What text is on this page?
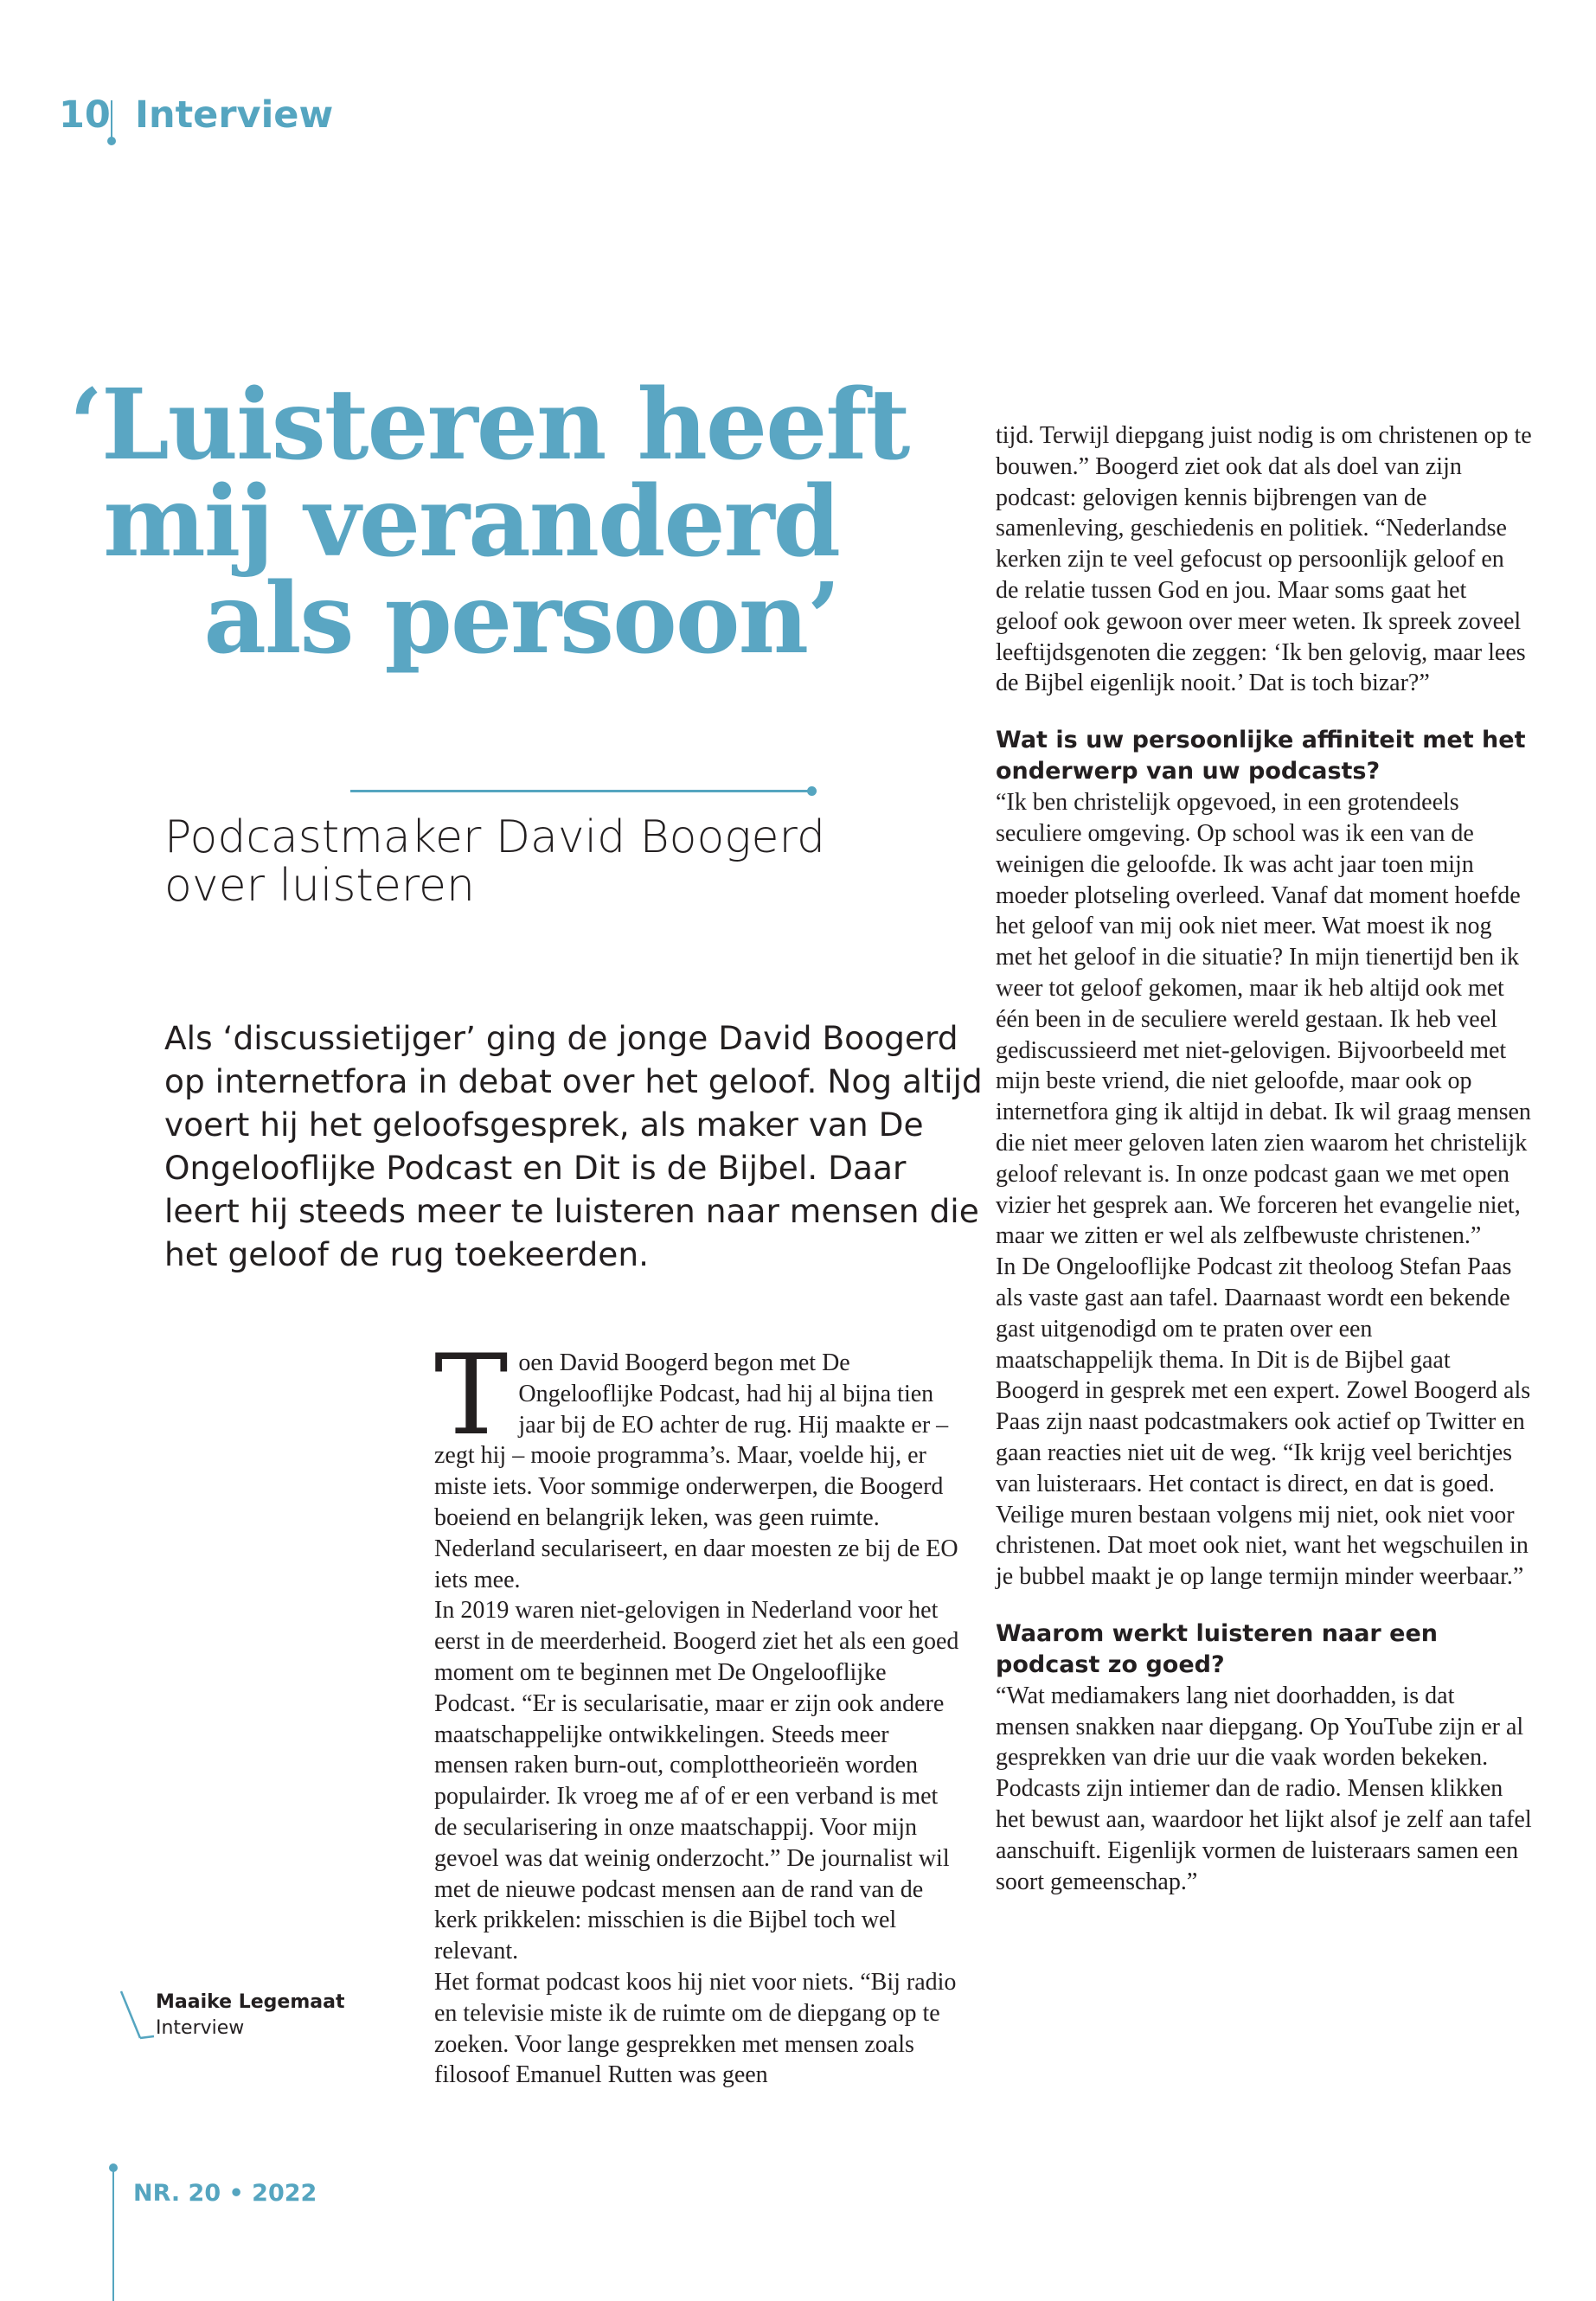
10 Interview
‘Luisteren heeft
mij veranderd
als persoon’
Podcastmaker David Boogerd
over luisteren
Als ‘discussietijger’ ging de jonge David Boogerd op internetfora in debat over het geloof. Nog altijd voert hij het geloofsgesprek, als maker van De Ongelooflijke Podcast en Dit is de Bijbel. Daar leert hij steeds meer te luisteren naar mensen die het geloof de rug toekeerden.

Toen David Boogerd begon met De Ongelooflijke Podcast, had hij al bijna tien jaar bij de EO achter de rug. Hij maakte er – zegt hij – mooie programma’s. Maar, voelde hij, er miste iets. Voor sommige onderwerpen, die Boogerd boeiend en belangrijk leken, was geen ruimte. Nederland seculariseert, en daar moesten ze bij de EO iets mee.

In 2019 waren niet-gelovigen in Nederland voor het eerst in de meerderheid. Boogerd ziet het als een goed moment om te beginnen met De Ongelooflijke Podcast. “Er is secularisatie, maar er zijn ook andere maatschappelijke ontwikkelingen. Steeds meer mensen raken burn-out, complottheorieën worden populairder. Ik vroeg me af of er een verband is met de secularisering in onze maatschappij. Voor mijn gevoel was dat weinig onderzocht.” De journalist wil met de nieuwe podcast mensen aan de rand van de kerk prikkelen: misschien is die Bijbel toch wel relevant.

Het format podcast koos hij niet voor niets. “Bij radio en televisie miste ik de ruimte om de diepgang op te zoeken. Voor lange gesprekken met mensen zoals filosoof Emanuel Rutten was geen

tijd. Terwijl diepgang juist nodig is om christenen op te bouwen.” Boogerd ziet ook dat als doel van zijn podcast: gelovigen kennis bijbrengen van de samenleving, geschiedenis en politiek. “Nederlandse kerken zijn te veel gefocust op persoonlijk geloof en de relatie tussen God en jou. Maar soms gaat het geloof ook gewoon over meer weten. Ik spreek zoveel leeftijdsgenoten die zeggen: ‘Ik ben gelovig, maar lees de Bijbel eigenlijk nooit.’ Dat is toch bizar?”

Wat is uw persoonlijke affiniteit met het onderwerp van uw podcasts?

“Ik ben christelijk opgevoed, in een grotendeels seculiere omgeving. Op school was ik een van de weinigen die geloofde. Ik was acht jaar toen mijn moeder plotseling overleed. Vanaf dat moment hoefde het geloof van mij ook niet meer. Wat moest ik nog met het geloof in die situatie? In mijn tienertijd ben ik weer tot geloof gekomen, maar ik heb altijd ook met één been in de seculiere wereld gestaan. Ik heb veel gediscussieerd met niet-gelovigen. Bijvoorbeeld met mijn beste vriend, die niet geloofde, maar ook op internetfora ging ik altijd in debat. Ik wil graag mensen die niet meer geloven laten zien waarom het christelijk geloof relevant is. In onze podcast gaan we met open vizier het gesprek aan. We forceren het evangelie niet, maar we zitten er wel als zelfbewuste christenen.”

In De Ongelooflijke Podcast zit theoloog Stefan Paas als vaste gast aan tafel. Daarnaast wordt een bekende gast uitgenodigd om te praten over een maatschappelijk thema. In Dit is de Bijbel gaat Boogerd in gesprek met een expert. Zowel Boogerd als Paas zijn naast podcastmakers ook actief op Twitter en gaan reacties niet uit de weg. “Ik krijg veel berichtjes van luisteraars. Het contact is direct, en dat is goed. Veilige muren bestaan volgens mij niet, ook niet voor christenen. Dat moet ook niet, want het wegschuilen in je bubbel maakt je op lange termijn minder weerbaar.”

Waarom werkt luisteren naar een podcast zo goed?

“Wat mediamakers lang niet doorhadden, is dat mensen snakken naar diepgang. Op YouTube zijn er al gesprekken van drie uur die vaak worden bekeken. Podcasts zijn intiemer dan de radio. Mensen klikken het bewust aan, waardoor het lijkt alsof je zelf aan tafel aanschuift. Eigenlijk vormen de luisteraars samen een soort gemeenschap.”

Maaike Legemaat
Interview
NR. 20 • 2022
